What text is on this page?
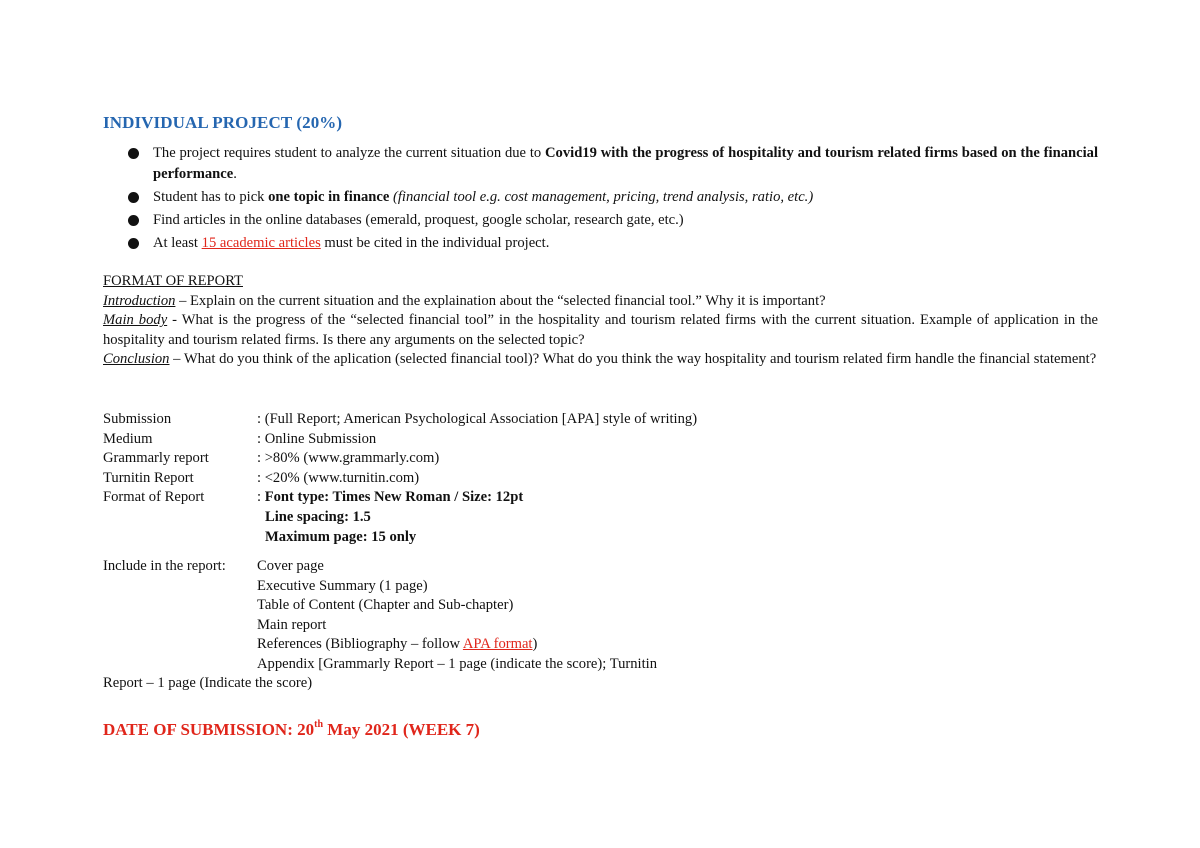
INDIVIDUAL PROJECT (20%)
The project requires student to analyze the current situation due to Covid19 with the progress of hospitality and tourism related firms based on the financial performance.
Student has to pick one topic in finance (financial tool e.g. cost management, pricing, trend analysis, ratio, etc.)
Find articles in the online databases (emerald, proquest, google scholar, research gate, etc.)
At least 15 academic articles must be cited in the individual project.
FORMAT OF REPORT
Introduction – Explain on the current situation and the explaination about the “selected financial tool.” Why it is important?
Main body - What is the progress of the “selected financial tool” in the hospitality and tourism related firms with the current situation. Example of application in the hospitality and tourism related firms. Is there any arguments on the selected topic?
Conclusion – What do you think of the aplication (selected financial tool)? What do you think the way hospitality and tourism related firm handle the financial statement?
Submission	: (Full Report; American Psychological Association [APA] style of writing)
Medium	: Online Submission
Grammarly report	: >80% (www.grammarly.com)
Turnitin Report	: <20% (www.turnitin.com)
Format of Report	: Font type: Times New Roman / Size: 12pt
Line spacing: 1.5
Maximum page: 15 only
Include in the report: Cover page
Executive Summary (1 page)
Table of Content (Chapter and Sub-chapter)
Main report
References (Bibliography – follow APA format)
Appendix [Grammarly Report – 1 page (indicate the score); Turnitin
Report – 1 page (Indicate the score)
DATE OF SUBMISSION: 20th May 2021 (WEEK 7)
